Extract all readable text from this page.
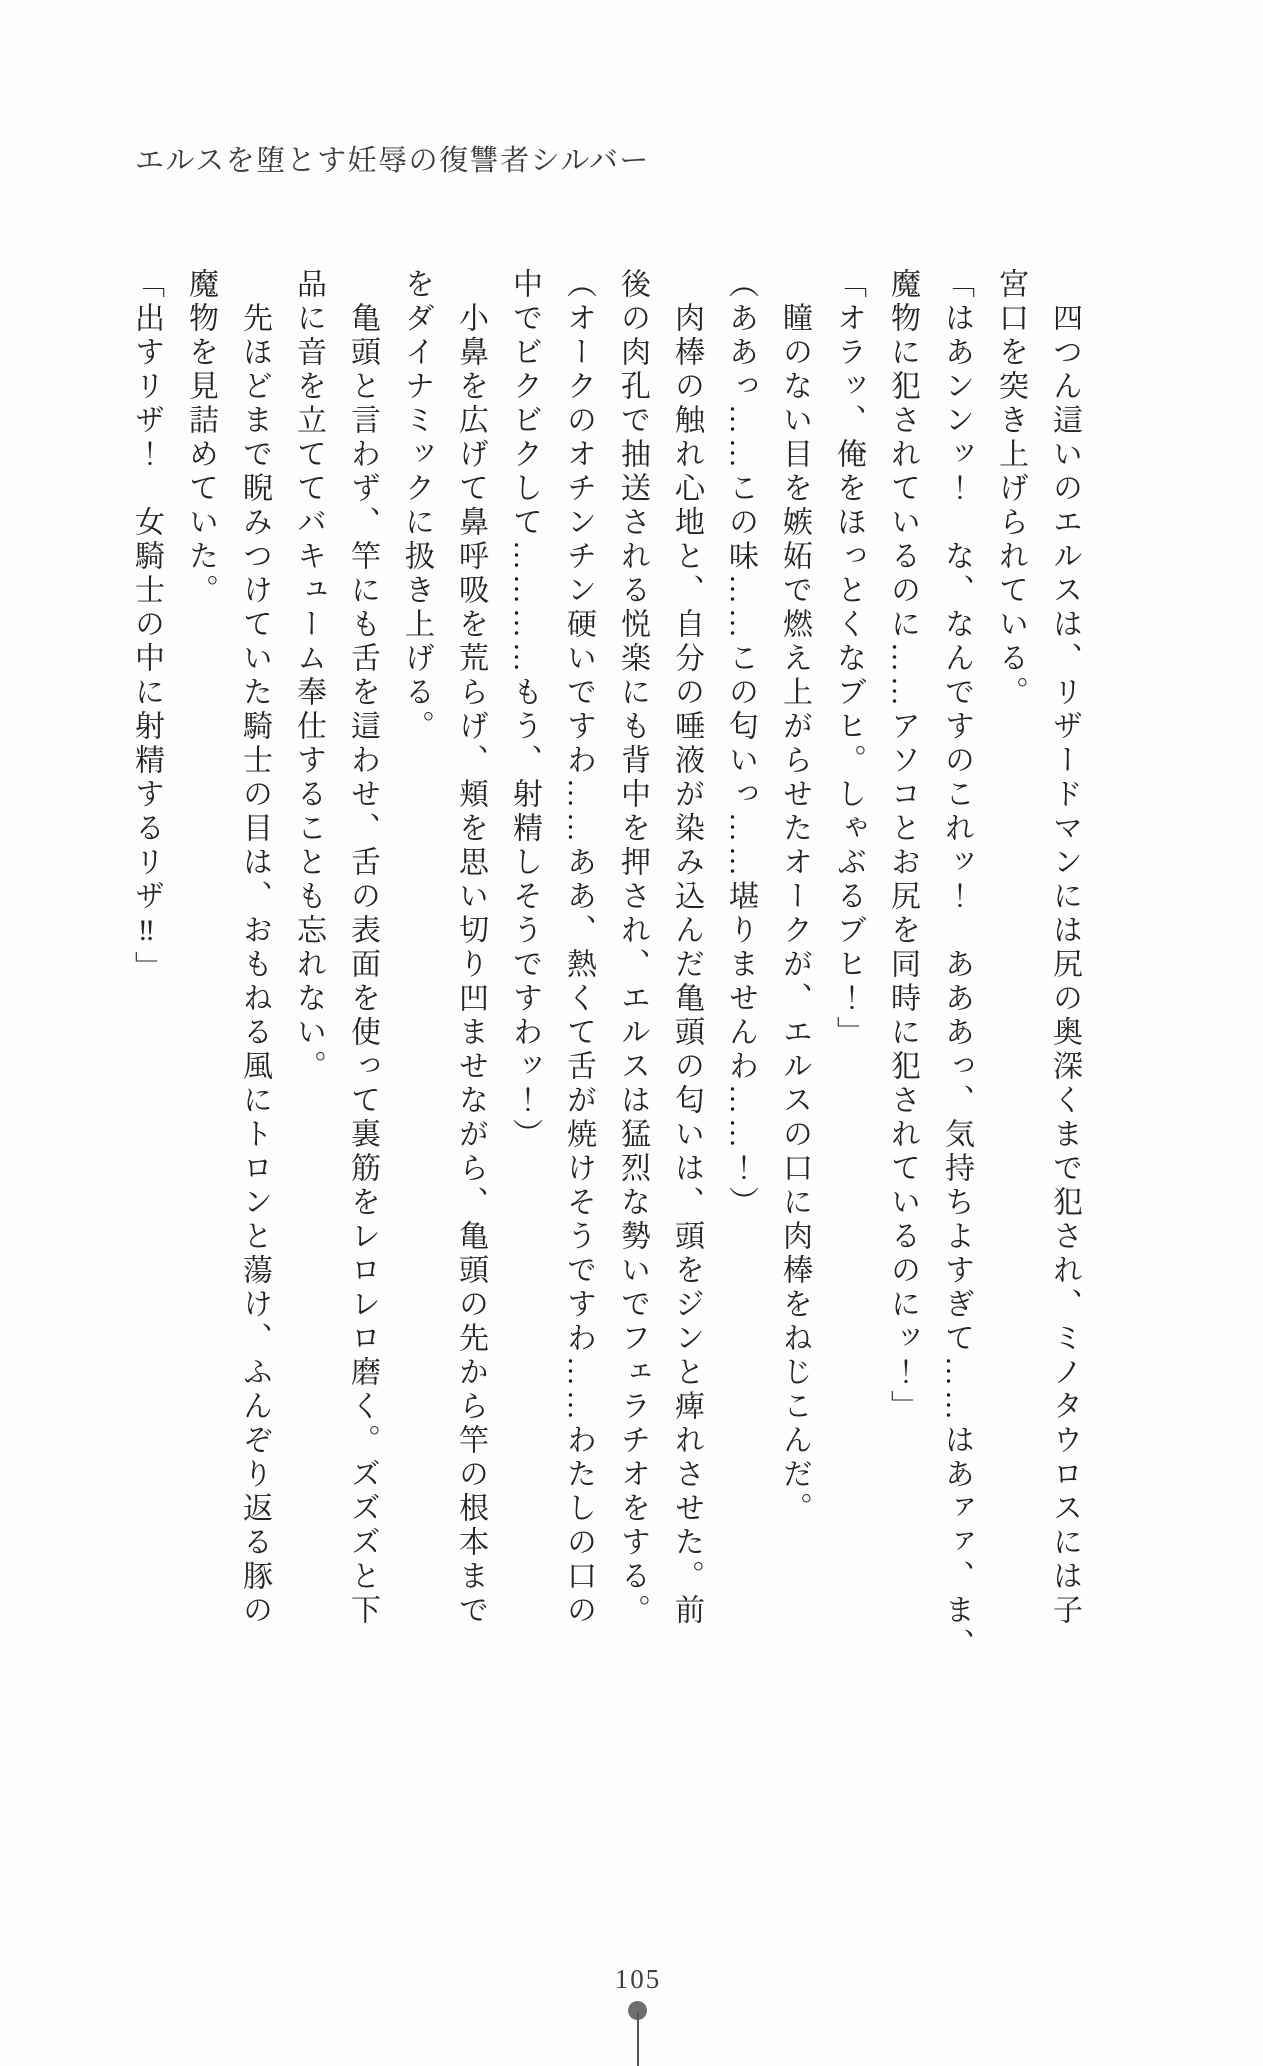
エルスを堕とす妊辱の復讐者シルバー
　四つん這いのエルスは、リザードマンには尻の奥深くまで犯され、ミノタウロスには子
宮口を突き上げられている。
「はあンンッ！　な、なんですのこれッ！　あああっ、気持ちよすぎて……はあァァ、ま、
魔物に犯されているのに……アソコとお尻を同時に犯されているのにッ！」
「オラッ、俺をほっとくなブヒ。しゃぶるブヒ！」
　瞳のない目を嫉妬で燃え上がらせたオークが、エルスの口に肉棒をねじこんだ。
（ああっ……この味……この匂いっ……堪りませんわ……！）
　肉棒の触れ心地と、自分の唾液が染み込んだ亀頭の匂いは、頭をジンと痺れさせた。前
後の肉孔で抽送される悦楽にも背中を押され、エルスは猛烈な勢いでフェラチオをする。
（オークのオチンチン硬いですわ……ああ、熱くて舌が焼けそうですわ……わたしの口の
中でビクビクして…………もう、射精しそうですわッ！）
　小鼻を広げて鼻呼吸を荒らげ、頬を思い切り凹ませながら、亀頭の先から竿の根本まで
をダイナミックに扱き上げる。
　亀頭と言わず、竿にも舌を這わせ、舌の表面を使って裏筋をレロレロ磨く。ズズズと下
品に音を立ててバキューム奉仕することも忘れない。
　先ほどまで睨みつけていた騎士の目は、おもねる風にトロンと蕩け、ふんぞり返る豚の
魔物を見詰めていた。
「出すリザ！　女騎士の中に射精するリザ‼」
105
